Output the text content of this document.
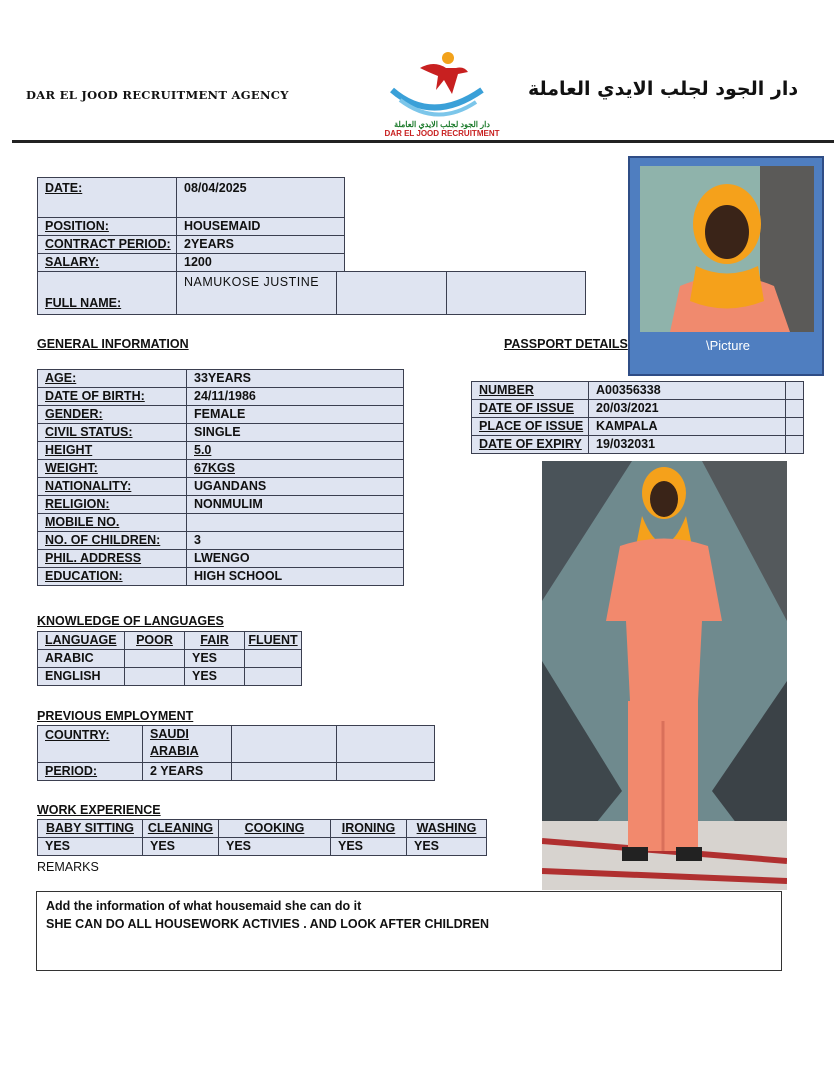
DAR EL JOOD RECRUITMENT AGENCY
دار الجود لجلب الايدي العاملة
DAR EL JOOD RECRUITMENT
دار الجود لجلب الايدي العاملة
DATE:	08/04/2025
POSITION:	HOUSEMAID
CONTRACT PERIOD:	2YEARS
SALARY:	1200
FULL NAME:	NAMUKOSE JUSTINE		
\Picture
GENERAL INFORMATION	PASSPORT DETAILS
AGE:	33YEARS
DATE OF BIRTH:	24/11/1986
GENDER:	FEMALE
CIVIL STATUS:	SINGLE
HEIGHT	5.0
WEIGHT:	67KGS
NATIONALITY:	UGANDANS
RELIGION:	NONMULIM
MOBILE NO.	
NO. OF CHILDREN:	3
PHIL. ADDRESS	LWENGO
EDUCATION:	HIGH SCHOOL
NUMBER	A00356338	
DATE OF ISSUE	20/03/2021	
PLACE OF ISSUE	KAMPALA	
DATE OF EXPIRY	19/032031	
KNOWLEDGE OF LANGUAGES
LANGUAGE	POOR	FAIR	FLUENT
ARABIC		YES	
ENGLISH		YES	
PREVIOUS EMPLOYMENT
COUNTRY:	SAUDI
ARABIA		

PERIOD:	2 YEARS		
WORK EXPERIENCE
BABY SITTING	CLEANING	COOKING	IRONING	WASHING
YES	YES	YES	YES	YES
REMARKS
Add the information of what housemaid she can do it
SHE CAN DO ALL HOUSEWORK ACTIVIES . AND LOOK AFTER CHILDREN
